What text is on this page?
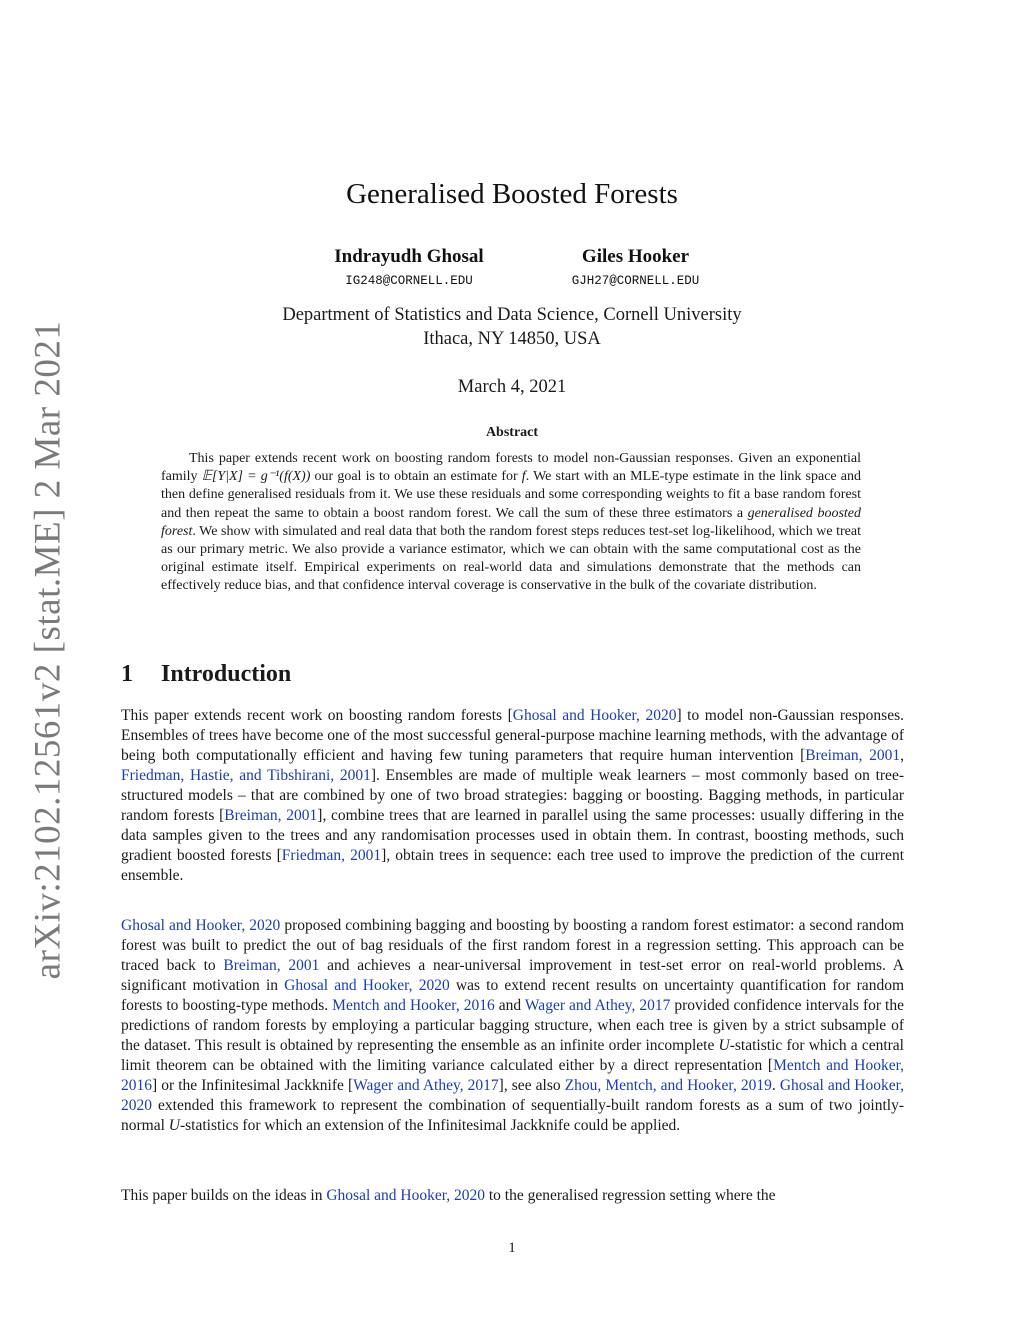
arXiv:2102.12561v2 [stat.ME] 2 Mar 2021
Generalised Boosted Forests
Indrayudh Ghosal
IG248@CORNELL.EDU
Giles Hooker
GJH27@CORNELL.EDU
Department of Statistics and Data Science, Cornell University
Ithaca, NY 14850, USA
March 4, 2021
Abstract

This paper extends recent work on boosting random forests to model non-Gaussian responses. Given an exponential family 𝔼[Y|X] = g⁻¹(f(X)) our goal is to obtain an estimate for f. We start with an MLE-type estimate in the link space and then define generalised residuals from it. We use these residuals and some corresponding weights to fit a base random forest and then repeat the same to obtain a boost random forest. We call the sum of these three estimators a generalised boosted forest. We show with simulated and real data that both the random forest steps reduces test-set log-likelihood, which we treat as our primary metric. We also provide a variance estimator, which we can obtain with the same computational cost as the original estimate itself. Empirical experiments on real-world data and simulations demonstrate that the methods can effectively reduce bias, and that confidence interval coverage is conservative in the bulk of the covariate distribution.

1 Introduction

This paper extends recent work on boosting random forests [Ghosal and Hooker, 2020] to model non-Gaussian responses. Ensembles of trees have become one of the most successful general-purpose machine learning methods, with the advantage of being both computationally efficient and having few tuning parameters that require human intervention [Breiman, 2001, Friedman, Hastie, and Tibshirani, 2001]. Ensembles are made of multiple weak learners – most commonly based on tree-structured models – that are combined by one of two broad strategies: bagging or boosting. Bagging methods, in particular random forests [Breiman, 2001], combine trees that are learned in parallel using the same processes: usually differing in the data samples given to the trees and any randomisation processes used in obtain them. In contrast, boosting methods, such gradient boosted forests [Friedman, 2001], obtain trees in sequence: each tree used to improve the prediction of the current ensemble.

Ghosal and Hooker, 2020 proposed combining bagging and boosting by boosting a random forest estimator: a second random forest was built to predict the out of bag residuals of the first random forest in a regression setting. This approach can be traced back to Breiman, 2001 and achieves a near-universal improvement in test-set error on real-world problems. A significant motivation in Ghosal and Hooker, 2020 was to extend recent results on uncertainty quantification for random forests to boosting-type methods. Mentch and Hooker, 2016 and Wager and Athey, 2017 provided confidence intervals for the predictions of random forests by employing a particular bagging structure, when each tree is given by a strict subsample of the dataset. This result is obtained by representing the ensemble as an infinite order incomplete U-statistic for which a central limit theorem can be obtained with the limiting variance calculated either by a direct representation [Mentch and Hooker, 2016] or the Infinitesimal Jackknife [Wager and Athey, 2017], see also Zhou, Mentch, and Hooker, 2019. Ghosal and Hooker, 2020 extended this framework to represent the combination of sequentially-built random forests as a sum of two jointly-normal U-statistics for which an extension of the Infinitesimal Jackknife could be applied.

This paper builds on the ideas in Ghosal and Hooker, 2020 to the generalised regression setting where the

1
